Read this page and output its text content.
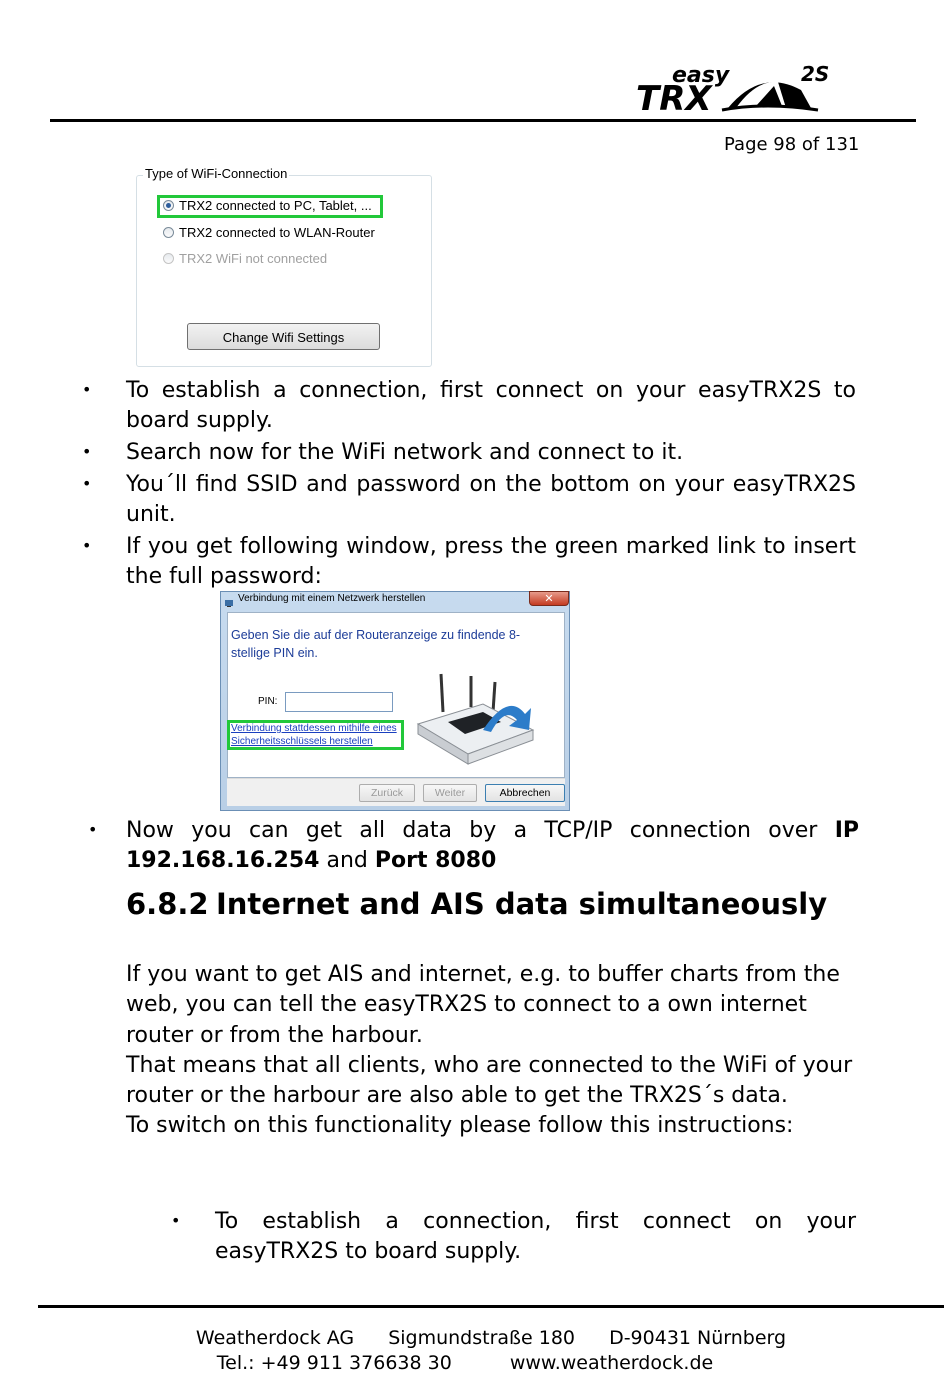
easy
TRX
2S
Page 98 of 131
Type of WiFi-Connection
TRX2 connected to PC, Tablet, ...
TRX2 connected to WLAN-Router
TRX2 WiFi not connected
Change Wifi Settings
• To establish a connection, first connect on your easyTRX2S to board supply.
• Search now for the WiFi network and connect to it.
• You´ll find SSID and password on the bottom on your easyTRX2S unit.
• If you get following window, press the green marked link to insert the full password:
Verbindung mit einem Netzwerk herstellen	✕
Geben Sie die auf der Routeranzeige zu findende 8-stellige PIN ein.
PIN:
Verbindung stattdessen mithilfe eines Sicherheitsschlüssels herstellen
Zurück	Weiter	Abbrechen
• Now you can get all data by a TCP/IP connection over IP 192.168.16.254 and Port 8080
6.8.2 Internet and AIS data simultaneously
If you want to get AIS and internet, e.g. to buffer charts from the web, you can tell the easyTRX2S to connect to a own internet router or from the harbour.
That means that all clients, who are connected to the WiFi of your router or the harbour are also able to get the TRX2S´s data.
To switch on this functionality please follow this instructions:
• To establish a connection, first connect on your easyTRX2S to board supply.
Weatherdock AG Sigmundstraße 180 D-90431 Nürnberg
Tel.: +49 911 376638 30	www.weatherdock.de
